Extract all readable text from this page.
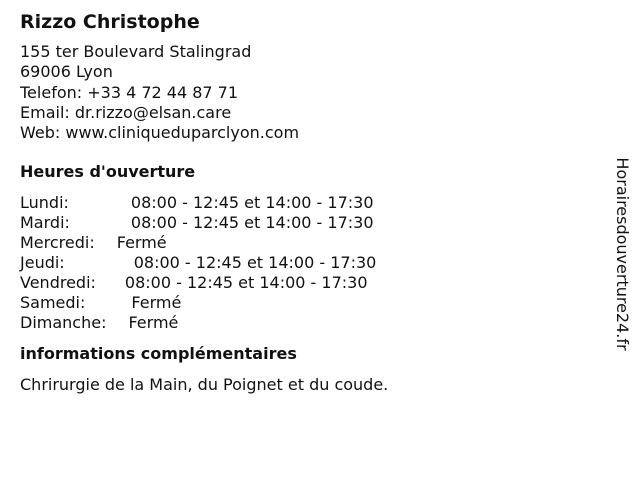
Rizzo Christophe
155 ter Boulevard Stalingrad
69006 Lyon
Telefon: +33 4 72 44 87 71
Email: dr.rizzo@elsan.care
Web: www.cliniqueduparclyon.com
Heures d'ouverture
Lundi:	08:00 - 12:45 et 14:00 - 17:30
Mardi:	08:00 - 12:45 et 14:00 - 17:30
Mercredi: Fermé
Jeudi:	08:00 - 12:45 et 14:00 - 17:30
Vendredi: 08:00 - 12:45 et 14:00 - 17:30
Samedi:	Fermé
Dimanche: Fermé
informations complémentaires
Chrirurgie de la Main, du Poignet et du coude.
Horairesdouverture24.fr
